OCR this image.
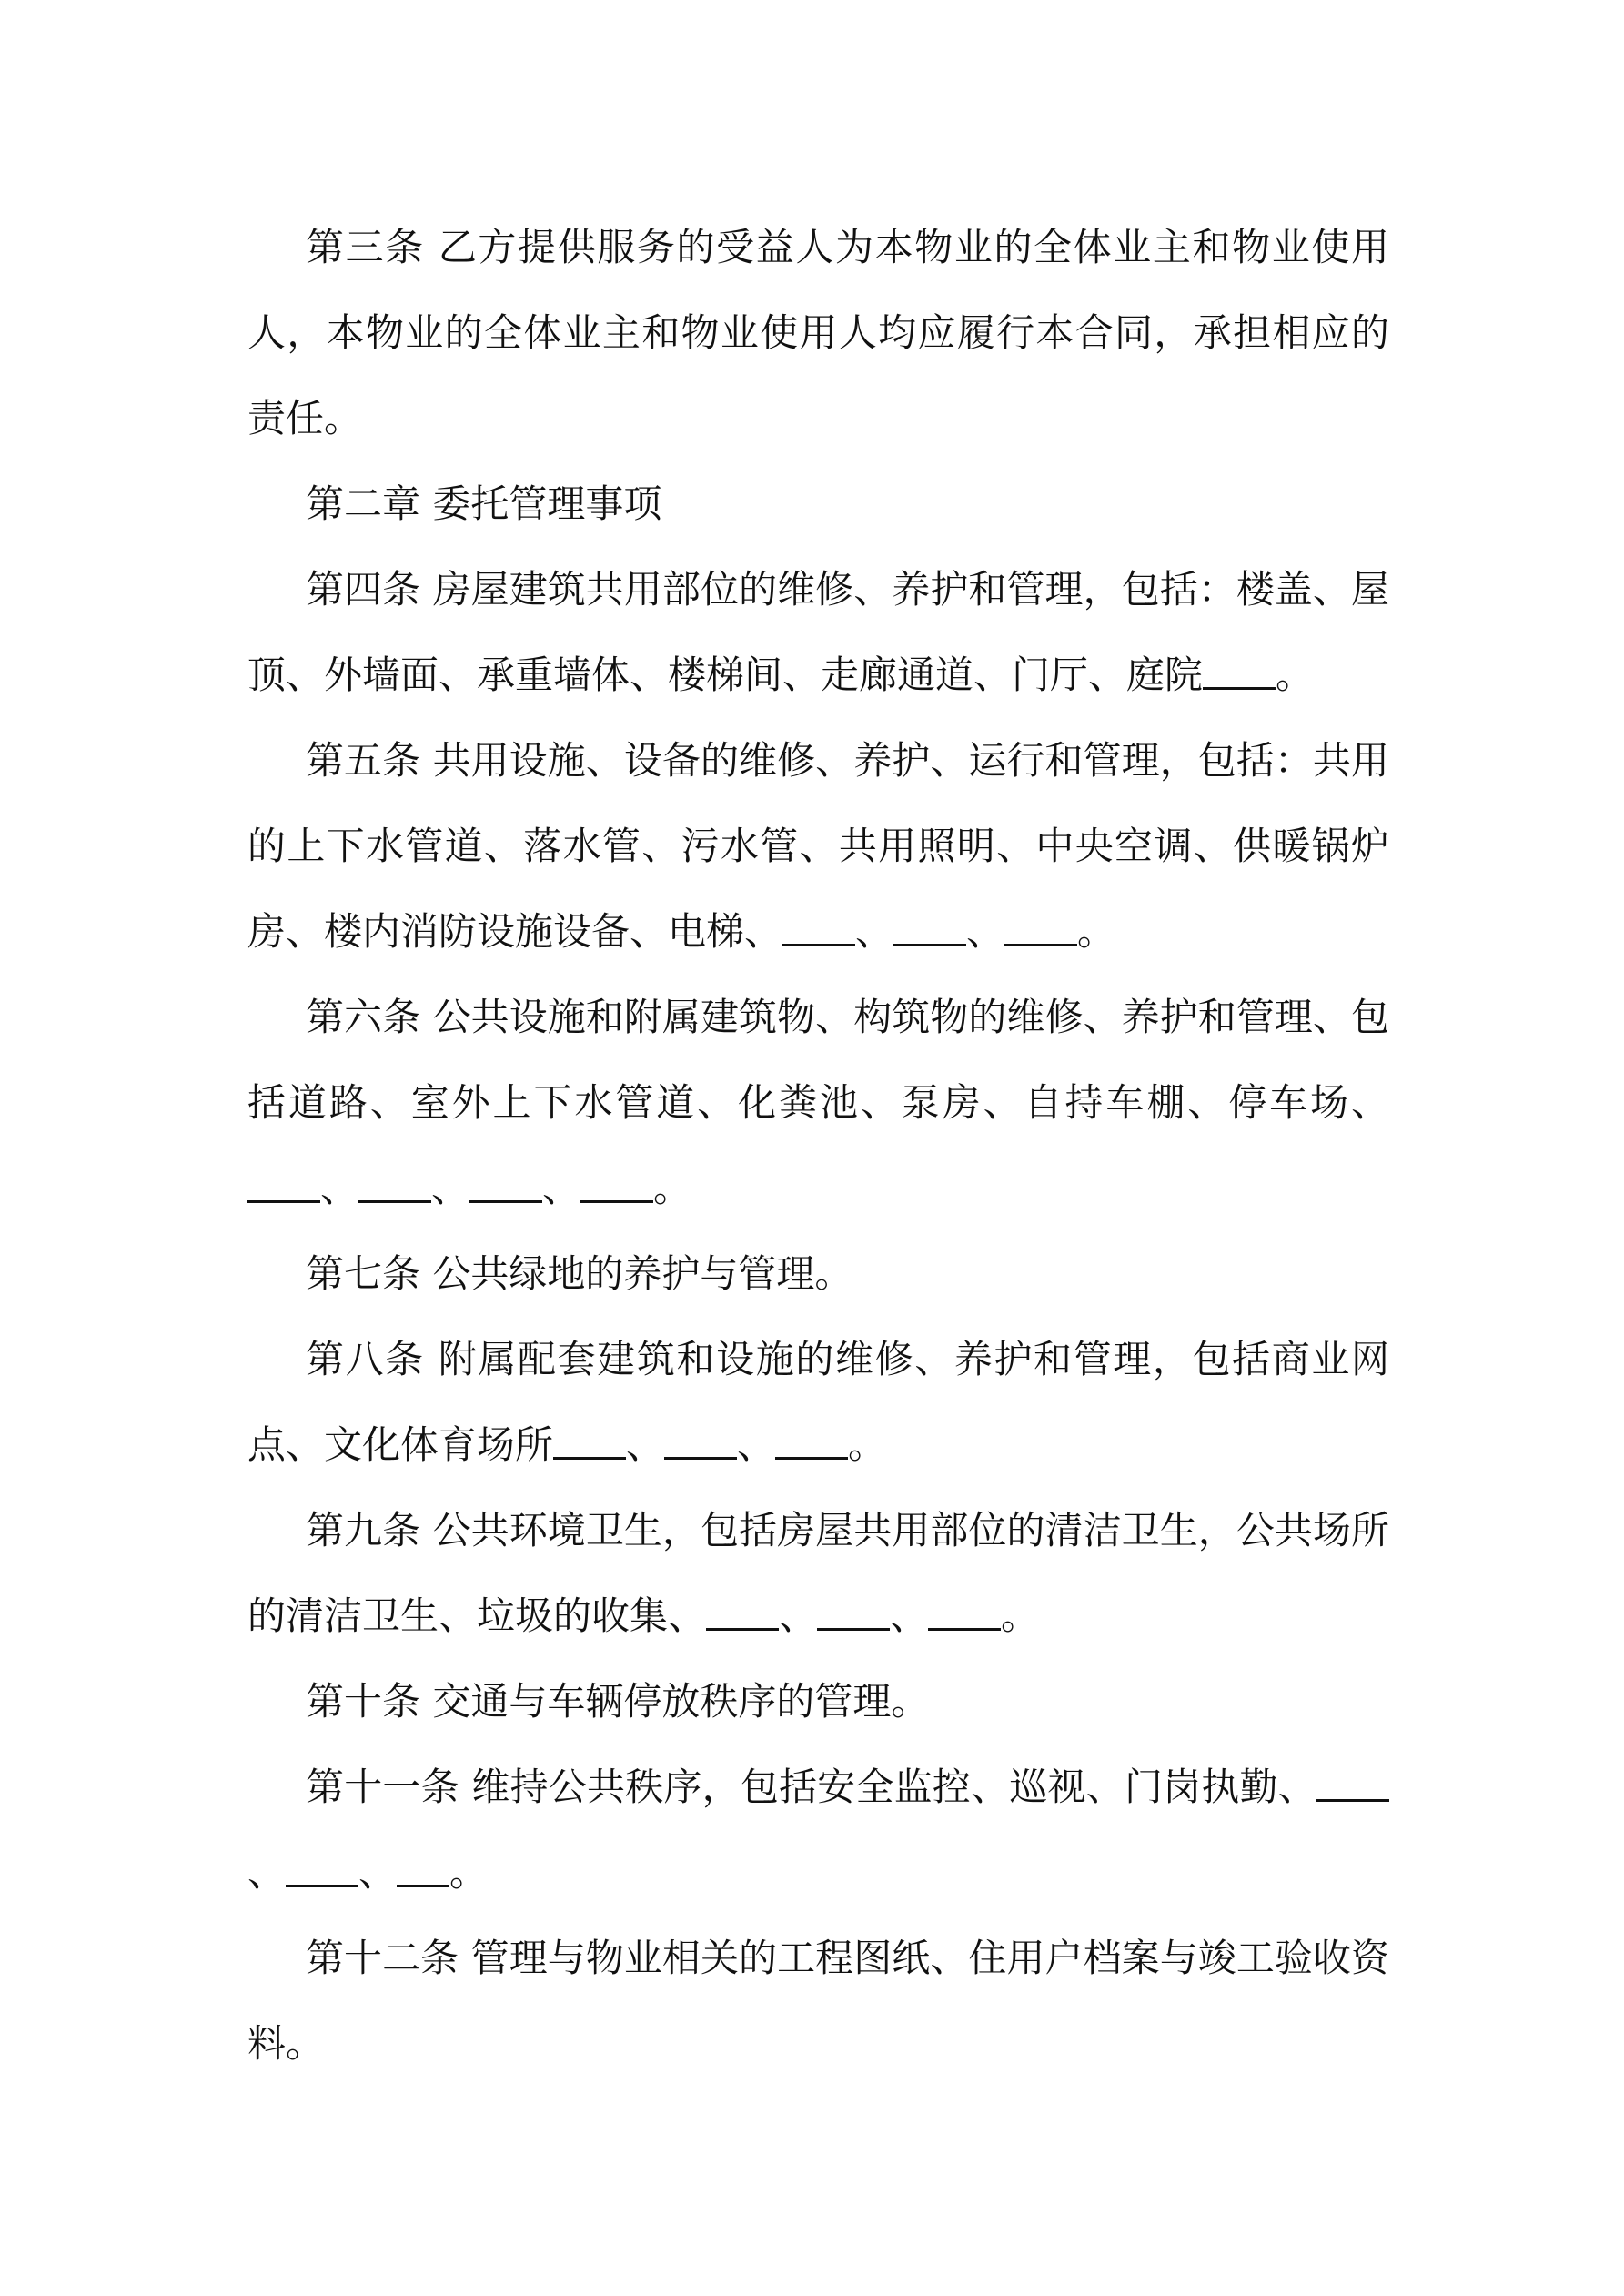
第三条 乙方提供服务的受益人为本物业的全体业主和物业使用人，本物业的全体业主和物业使用人均应履行本合同，承担相应的责任。

第二章 委托管理事项

第四条 房屋建筑共用部位的维修、养护和管理，包括：楼盖、屋顶、外墙面、承重墙体、楼梯间、走廊通道、门厅、庭院 。

第五条 共用设施、设备的维修、养护、运行和管理，包括：共用的上下水管道、落水管、污水管、共用照明、中央空调、供暖锅炉房、楼内消防设施设备、电梯、 、 、 。

第六条 公共设施和附属建筑物、构筑物的维修、养护和管理、包括道路、室外上下水管道、化粪池、泵房、自持车棚、停车场、、 、 、 。

第七条 公共绿地的养护与管理。

第八条 附属配套建筑和设施的维修、养护和管理，包括商业网点、文化体育场所 、 、 。

第九条 公共环境卫生，包括房屋共用部位的清洁卫生，公共场所的清洁卫生、垃圾的收集、 、 、 。

第十条 交通与车辆停放秩序的管理。

第十一条 维持公共秩序，包括安全监控、巡视、门岗执勤、、 、 。

第十二条 管理与物业相关的工程图纸、住用户档案与竣工验收资料。
